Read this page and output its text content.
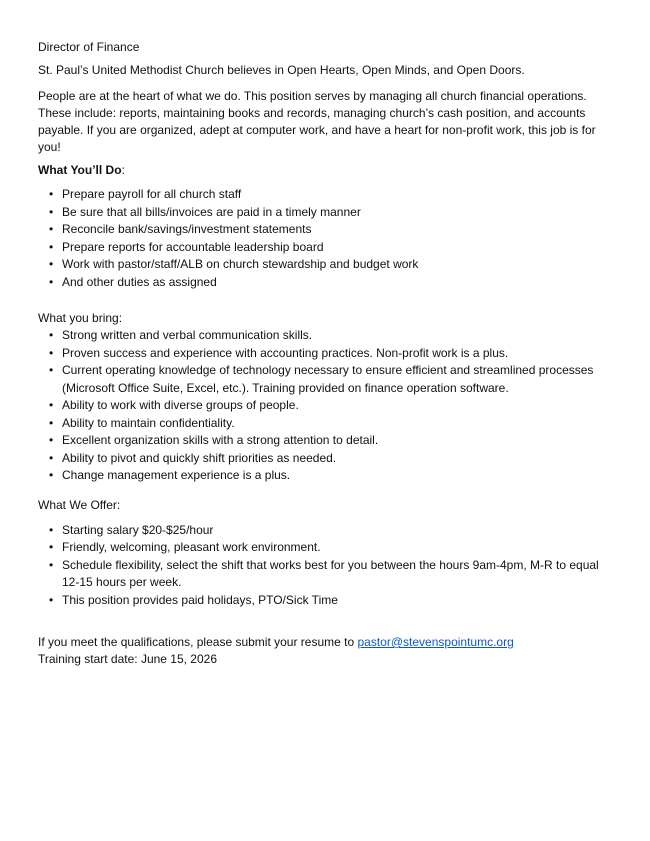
Director of Finance

St. Paul’s United Methodist Church believes in Open Hearts, Open Minds, and Open Doors.

People are at the heart of what we do. This position serves by managing all church financial operations. These include: reports, maintaining books and records, managing church’s cash position, and accounts payable. If you are organized, adept at computer work, and have a heart for non-profit work, this job is for you!

What You’ll Do:

• Prepare payroll for all church staff
• Be sure that all bills/invoices are paid in a timely manner
• Reconcile bank/savings/investment statements
• Prepare reports for accountable leadership board
• Work with pastor/staff/ALB on church stewardship and budget work
• And other duties as assigned

What you bring:

• Strong written and verbal communication skills.
• Proven success and experience with accounting practices. Non-profit work is a plus.
• Current operating knowledge of technology necessary to ensure efficient and streamlined processes (Microsoft Office Suite, Excel, etc.). Training provided on finance operation software.
• Ability to work with diverse groups of people.
• Ability to maintain confidentiality.
• Excellent organization skills with a strong attention to detail.
• Ability to pivot and quickly shift priorities as needed.
• Change management experience is a plus.

What We Offer:

• Starting salary $20-$25/hour
• Friendly, welcoming, pleasant work environment.
• Schedule flexibility, select the shift that works best for you between the hours 9am-4pm, M-R to equal 12-15 hours per week.
• This position provides paid holidays, PTO/Sick Time

If you meet the qualifications, please submit your resume to pastor@stevenspointumc.org

Training start date: June 15, 2026
